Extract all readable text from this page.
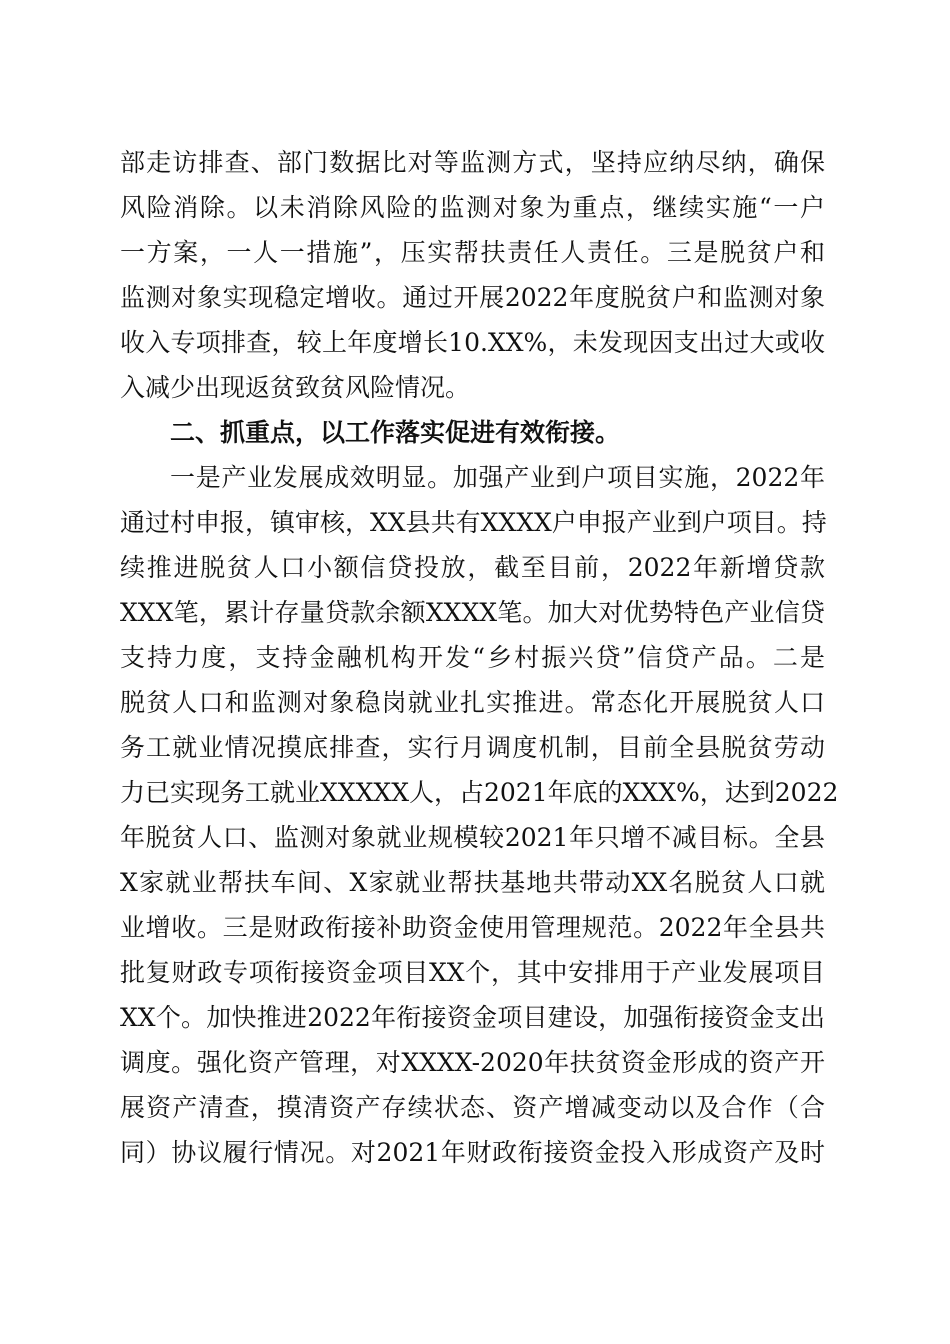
部走访排查、部门数据比对等监测方式，坚持应纳尽纳，确保
风险消除。以未消除风险的监测对象为重点，继续实施“一户
一方案，一人一措施”，压实帮扶责任人责任。三是脱贫户和
监测对象实现稳定增收。通过开展2022年度脱贫户和监测对象
收入专项排查，较上年度增长10.XX%，未发现因支出过大或收
入减少出现返贫致贫风险情况。
二、抓重点，以工作落实促进有效衔接。
一是产业发展成效明显。加强产业到户项目实施，2022年
通过村申报，镇审核，XX县共有XXXX户申报产业到户项目。持
续推进脱贫人口小额信贷投放，截至目前，2022年新增贷款
XXX笔，累计存量贷款余额XXXX笔。加大对优势特色产业信贷
支持力度，支持金融机构开发“乡村振兴贷”信贷产品。二是
脱贫人口和监测对象稳岗就业扎实推进。常态化开展脱贫人口
务工就业情况摸底排查，实行月调度机制，目前全县脱贫劳动
力已实现务工就业XXXXX人，占2021年底的XXX%，达到2022
年脱贫人口、监测对象就业规模较2021年只增不减目标。全县
X家就业帮扶车间、X家就业帮扶基地共带动XX名脱贫人口就
业增收。三是财政衔接补助资金使用管理规范。2022年全县共
批复财政专项衔接资金项目XX个，其中安排用于产业发展项目
XX个。加快推进2022年衔接资金项目建设，加强衔接资金支出
调度。强化资产管理，对XXXX-2020年扶贫资金形成的资产开
展资产清查，摸清资产存续状态、资产增减变动以及合作（合
同）协议履行情况。对2021年财政衔接资金投入形成资产及时
